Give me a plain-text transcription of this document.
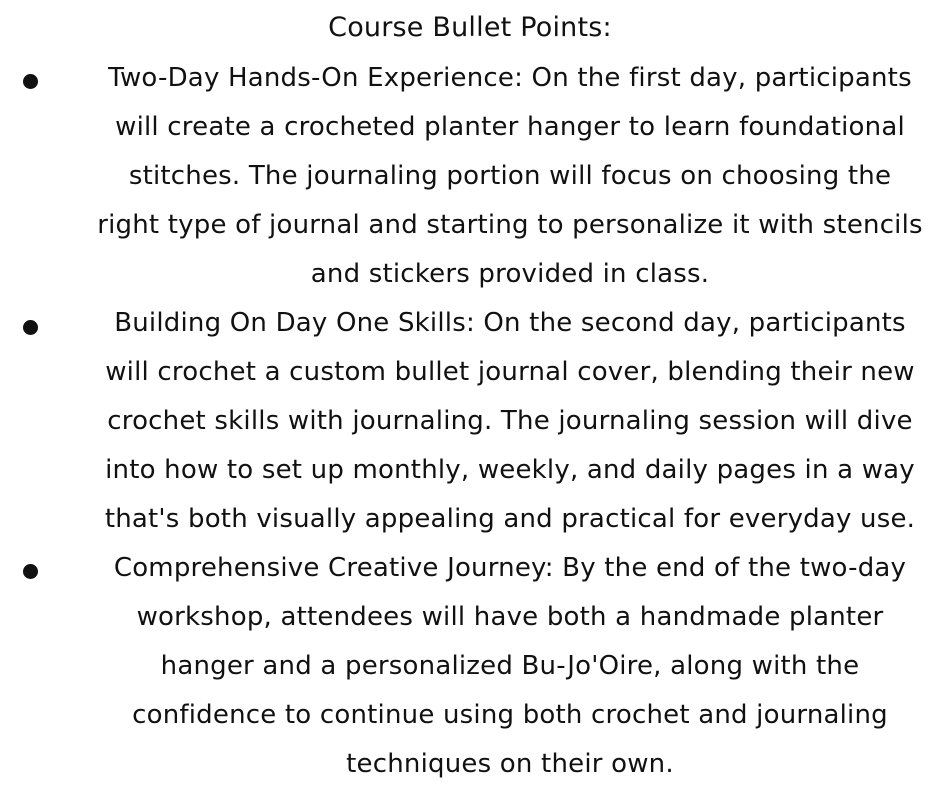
Course Bullet Points:
Two-Day Hands-On Experience: On the first day, participants
will create a crocheted planter hanger to learn foundational
stitches. The journaling portion will focus on choosing the
right type of journal and starting to personalize it with stencils
and stickers provided in class.
Building On Day One Skills: On the second day, participants
will crochet a custom bullet journal cover, blending their new
crochet skills with journaling. The journaling session will dive
into how to set up monthly, weekly, and daily pages in a way
that's both visually appealing and practical for everyday use.
Comprehensive Creative Journey: By the end of the two-day
workshop, attendees will have both a handmade planter
hanger and a personalized Bu-Jo'Oire, along with the
confidence to continue using both crochet and journaling
techniques on their own.
